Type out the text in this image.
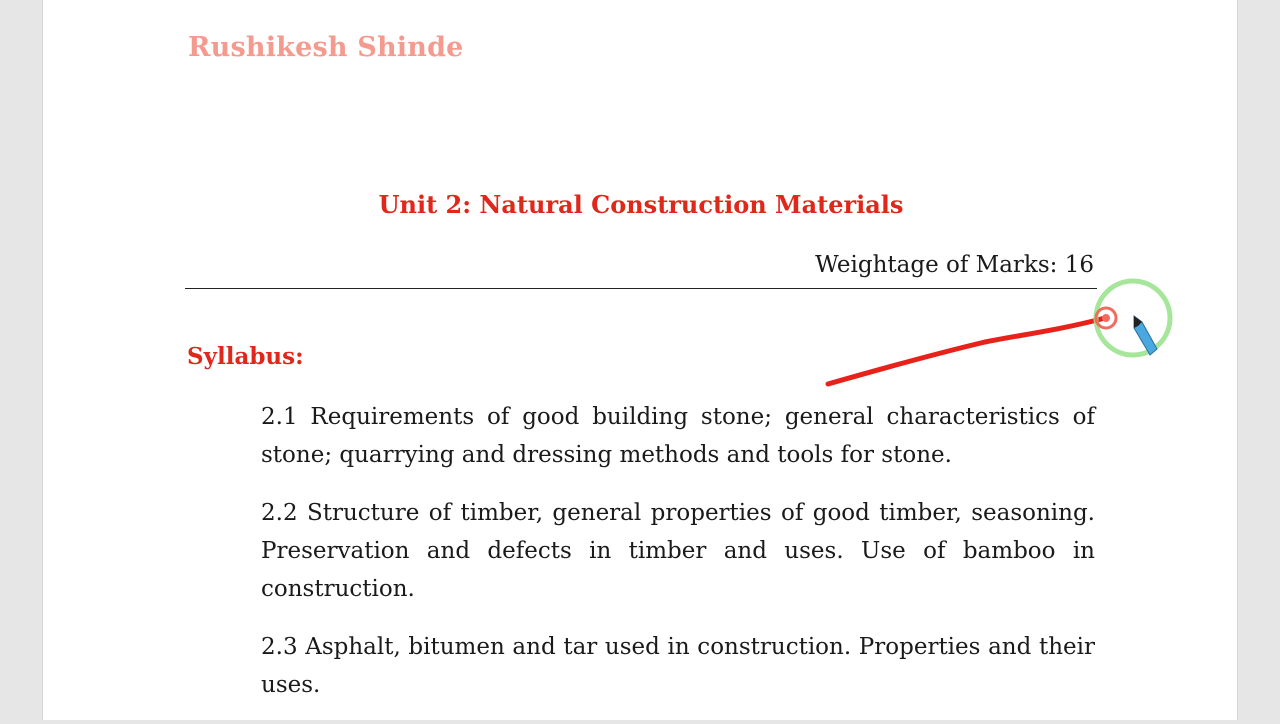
Rushikesh Shinde
Unit 2: Natural Construction Materials
Weightage of Marks: 16
Syllabus:
2.1 Requirements of good building stone; general characteristics of stone; quarrying and dressing methods and tools for stone.
2.2 Structure of timber, general properties of good timber, seasoning. Preservation and defects in timber and uses. Use of bamboo in construction.
2.3 Asphalt, bitumen and tar used in construction. Properties and their uses.
